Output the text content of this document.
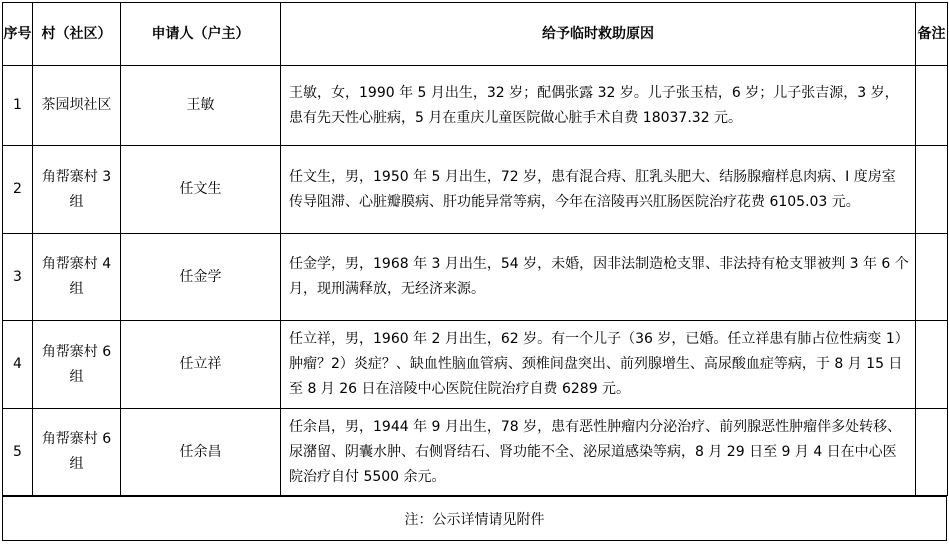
序号	村（社区）	申请人（户主）	给予临时救助原因	备注
1	茶园坝社区	王敏	王敏，女，1990 年 5 月出生，32 岁；配偶张露 32 岁。儿子张玉桔，6 岁；儿子张吉源，3 岁，患有先天性心脏病，5 月在重庆儿童医院做心脏手术自费 18037.32 元。	
2	角帮寨村 3 组	任文生	任文生，男，1950 年 5 月出生，72 岁，患有混合痔、肛乳头肥大、结肠腺瘤样息肉病、I 度房室传导阻滞、心脏瓣膜病、肝功能异常等病，今年在涪陵再兴肛肠医院治疗花费 6105.03 元。	
3	角帮寨村 4 组	任金学	任金学，男，1968 年 3 月出生，54 岁，未婚，因非法制造枪支罪、非法持有枪支罪被判 3 年 6 个月，现刑满释放，无经济来源。	
4	角帮寨村 6 组	任立祥	任立祥，男，1960 年 2 月出生，62 岁。有一个儿子（36 岁，已婚。任立祥患有肺占位性病变 1）肿瘤？2）炎症？、缺血性脑血管病、颈椎间盘突出、前列腺增生、高尿酸血症等病，于 8 月 15 日至 8 月 26 日在涪陵中心医院住院治疗自费 6289 元。	
5	角帮寨村 6 组	任余昌	任余昌，男，1944 年 9 月出生，78 岁，患有恶性肿瘤内分泌治疗、前列腺恶性肿瘤伴多处转移、尿潴留、阴囊水肿、右侧肾结石、肾功能不全、泌尿道感染等病，8 月 29 日至 9 月 4 日在中心医院治疗自付 5500 余元。	
注：公示详情请见附件
